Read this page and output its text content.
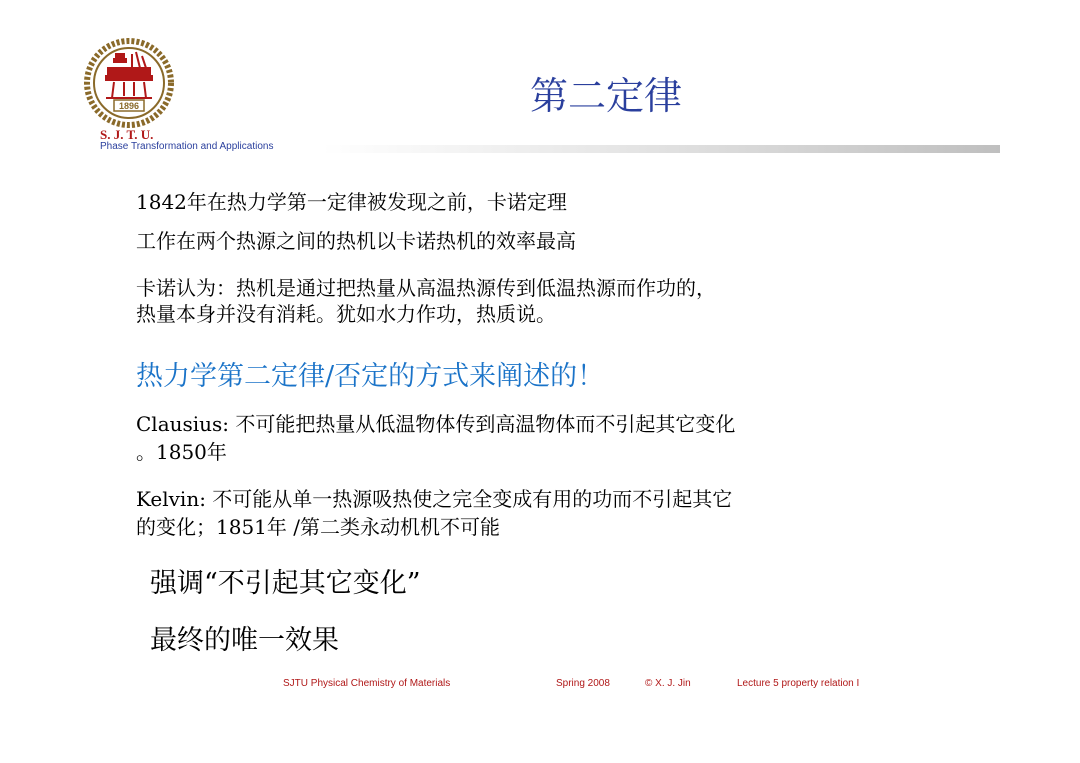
1896
S. J. T. U.
Phase Transformation and Applications
第二定律
1842年在热力学第一定律被发现之前，卡诺定理
工作在两个热源之间的热机以卡诺热机的效率最高
卡诺认为：热机是通过把热量从高温热源传到低温热源而作功的，
热量本身并没有消耗。犹如水力作功，热质说。
热力学第二定律/否定的方式来阐述的！
Clausius: 不可能把热量从低温物体传到高温物体而不引起其它变化
。1850年
Kelvin: 不可能从单一热源吸热使之完全变成有用的功而不引起其它
的变化；1851年 /第二类永动机机不可能
强调“不引起其它变化”
最终的唯一效果
SJTU Physical Chemistry of Materials	Spring 2008	© X. J. Jin	Lecture 5 property relation I
